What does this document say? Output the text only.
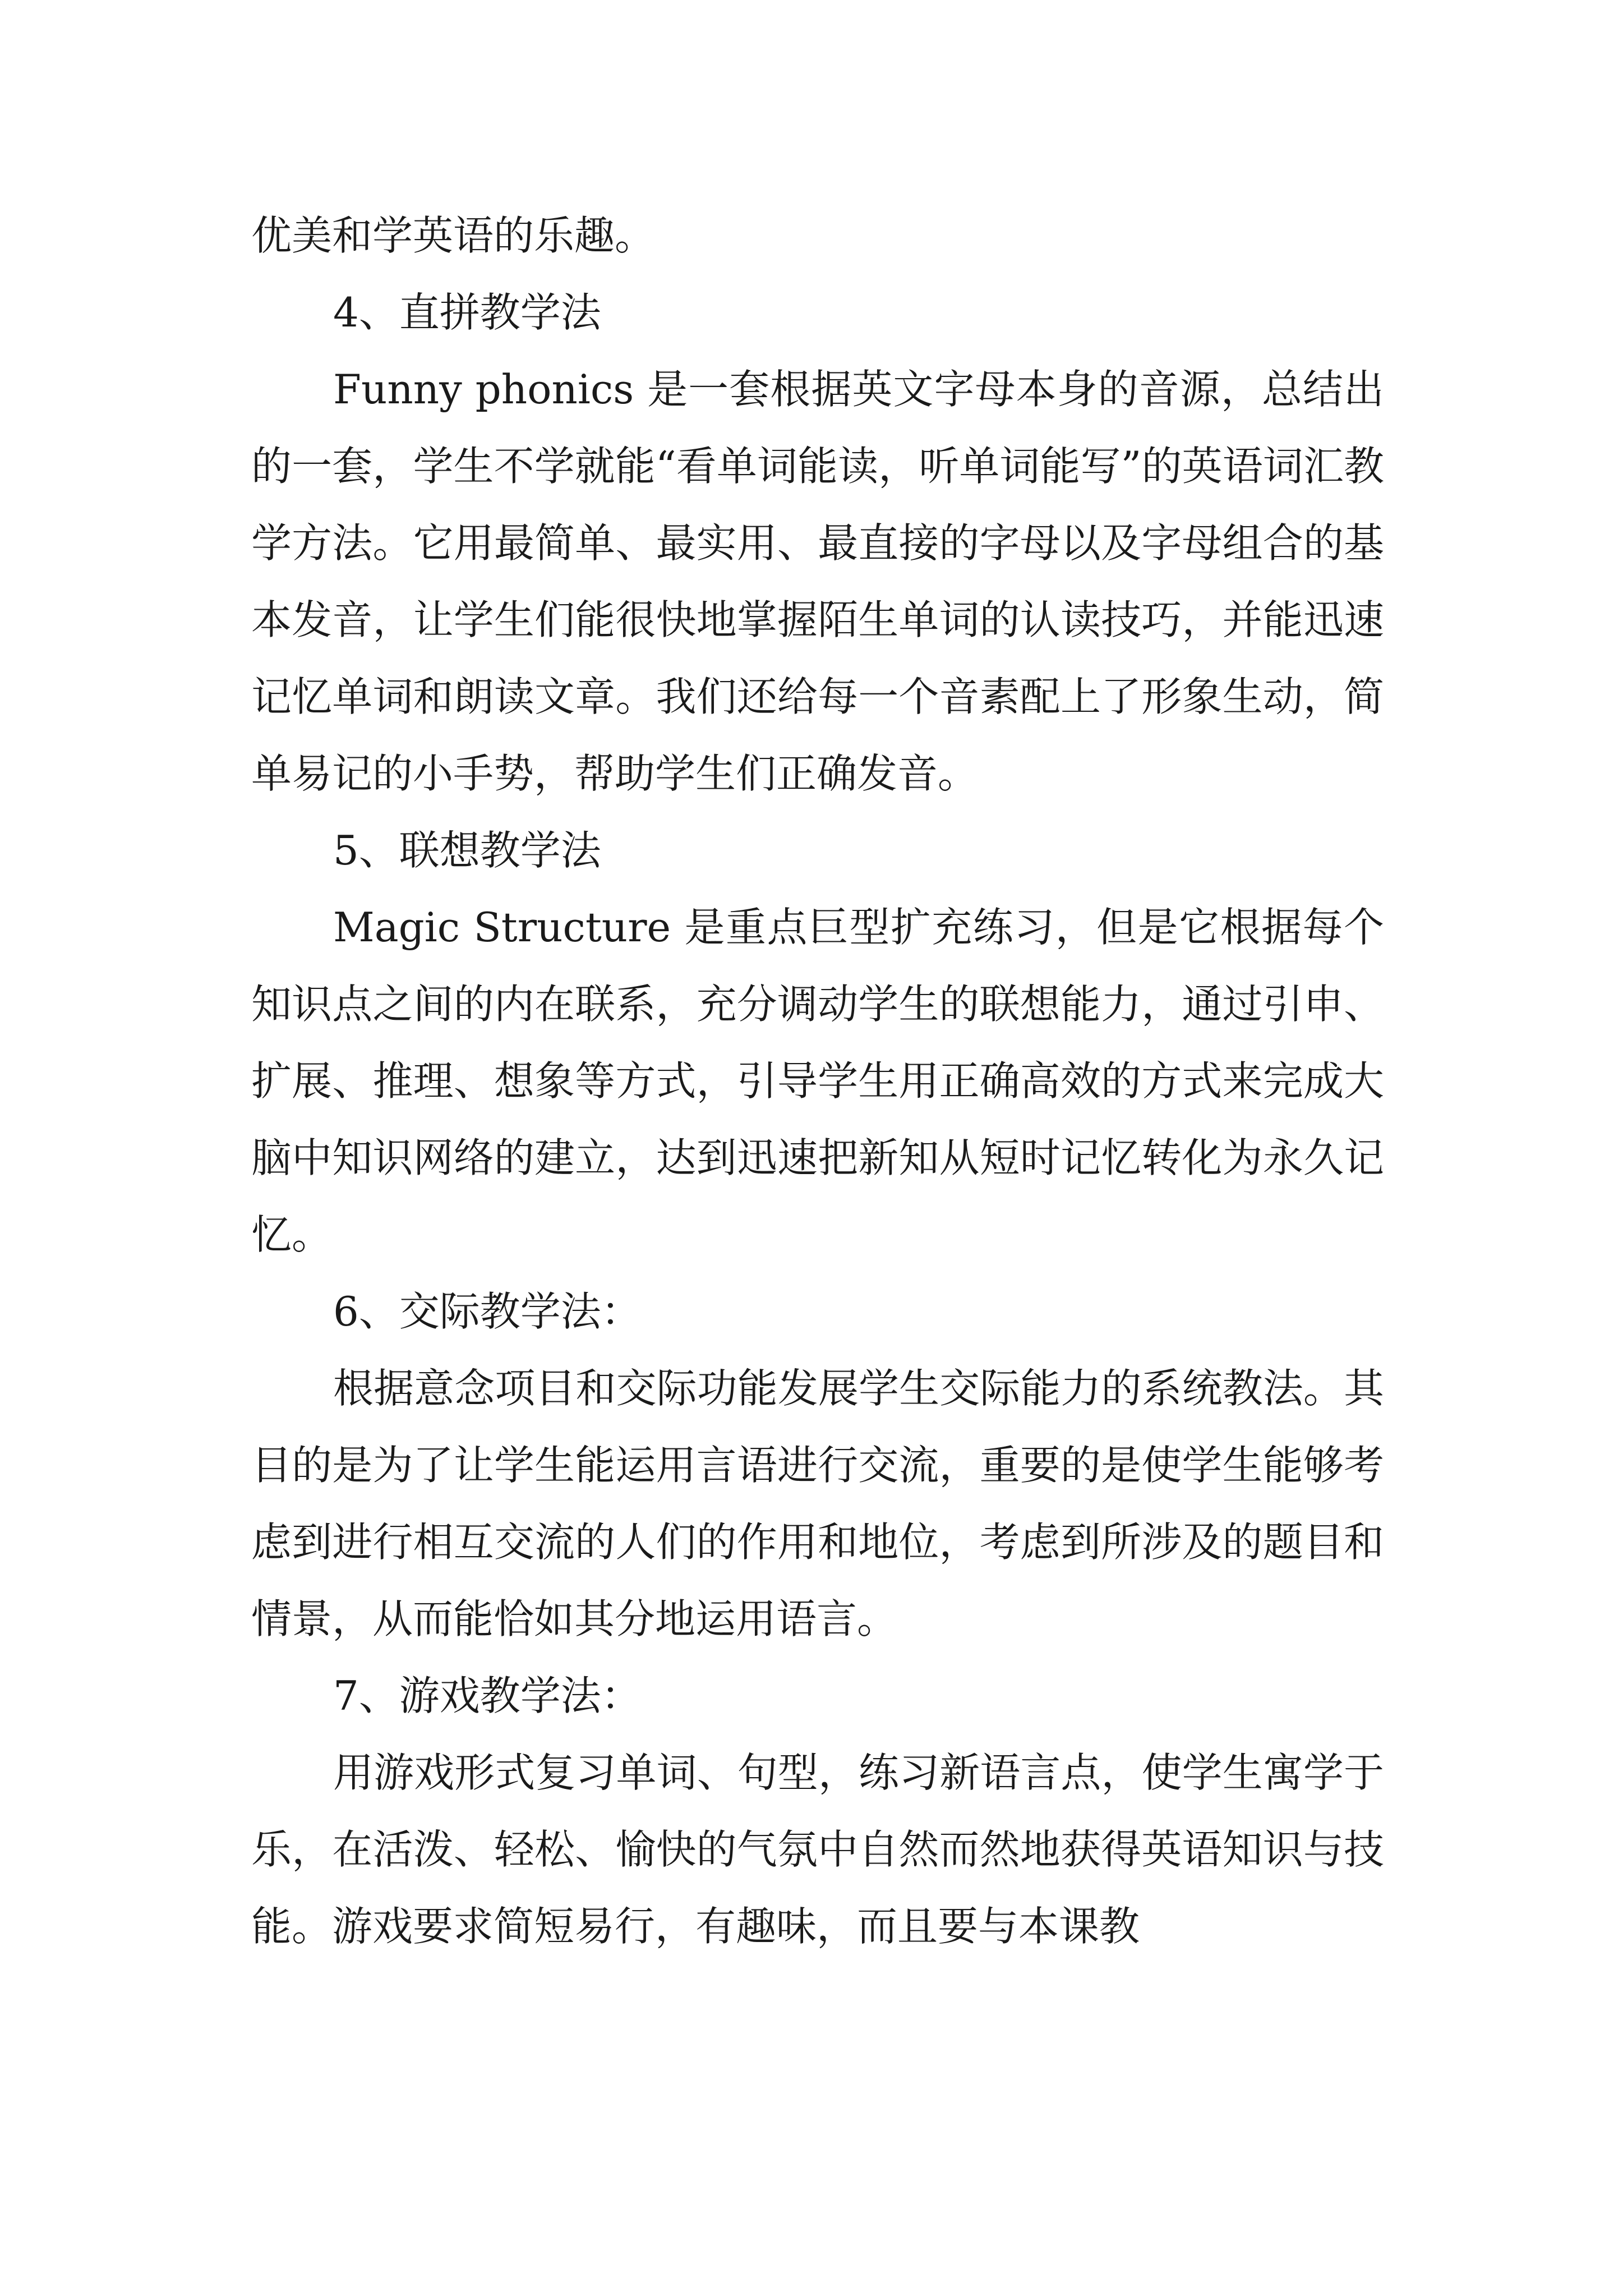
优美和学英语的乐趣。

4、直拼教学法

Funny phonics 是一套根据英文字母本身的音源，总结出的一套，学生不学就能“看单词能读，听单词能写”的英语词汇教学方法。它用最简单、最实用、最直接的字母以及字母组合的基本发音，让学生们能很快地掌握陌生单词的认读技巧，并能迅速记忆单词和朗读文章。我们还给每一个音素配上了形象生动，简单易记的小手势，帮助学生们正确发音。

5、联想教学法

Magic Structure 是重点巨型扩充练习，但是它根据每个知识点之间的内在联系，充分调动学生的联想能力，通过引申、扩展、推理、想象等方式，引导学生用正确高效的方式来完成大脑中知识网络的建立，达到迅速把新知从短时记忆转化为永久记忆。

6、交际教学法：

根据意念项目和交际功能发展学生交际能力的系统教法。其目的是为了让学生能运用言语进行交流，重要的是使学生能够考虑到进行相互交流的人们的作用和地位，考虑到所涉及的题目和情景，从而能恰如其分地运用语言。

7、游戏教学法：

用游戏形式复习单词、句型，练习新语言点，使学生寓学于乐，在活泼、轻松、愉快的气氛中自然而然地获得英语知识与技能。游戏要求简短易行，有趣味，而且要与本课教
